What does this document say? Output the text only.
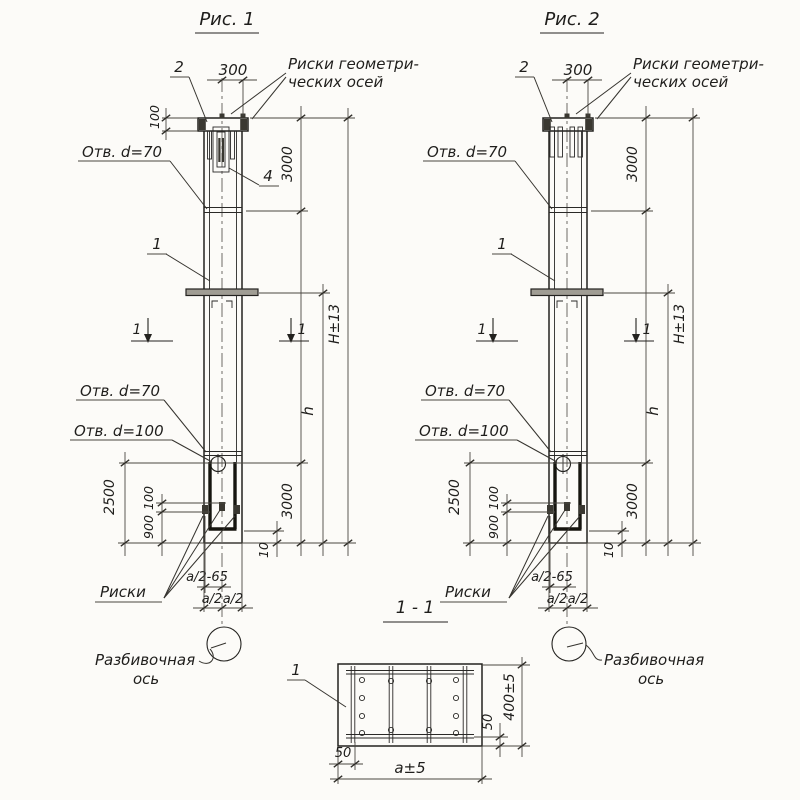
Рис. 1
2 300	Риски геометри-
ческих осей
100
Отв. d=70	3000
4
1
1	1 H±13
h
Отв. d=70
Отв. d=100
2500 100
900
3000
10
Риски
a/2-65
a/2 a/2
Разбивочная
ось
Рис. 2
2 300	Риски геометри-
ческих осей
Отв. d=70	3000
1
1	1 H±13
h
Отв. d=70
Отв. d=100
2500 100
900
3000
10
Риски
a/2-65
a/2 a/2
Разбивочная
ось
1 - 1
1
50
a±5
50
400±5
